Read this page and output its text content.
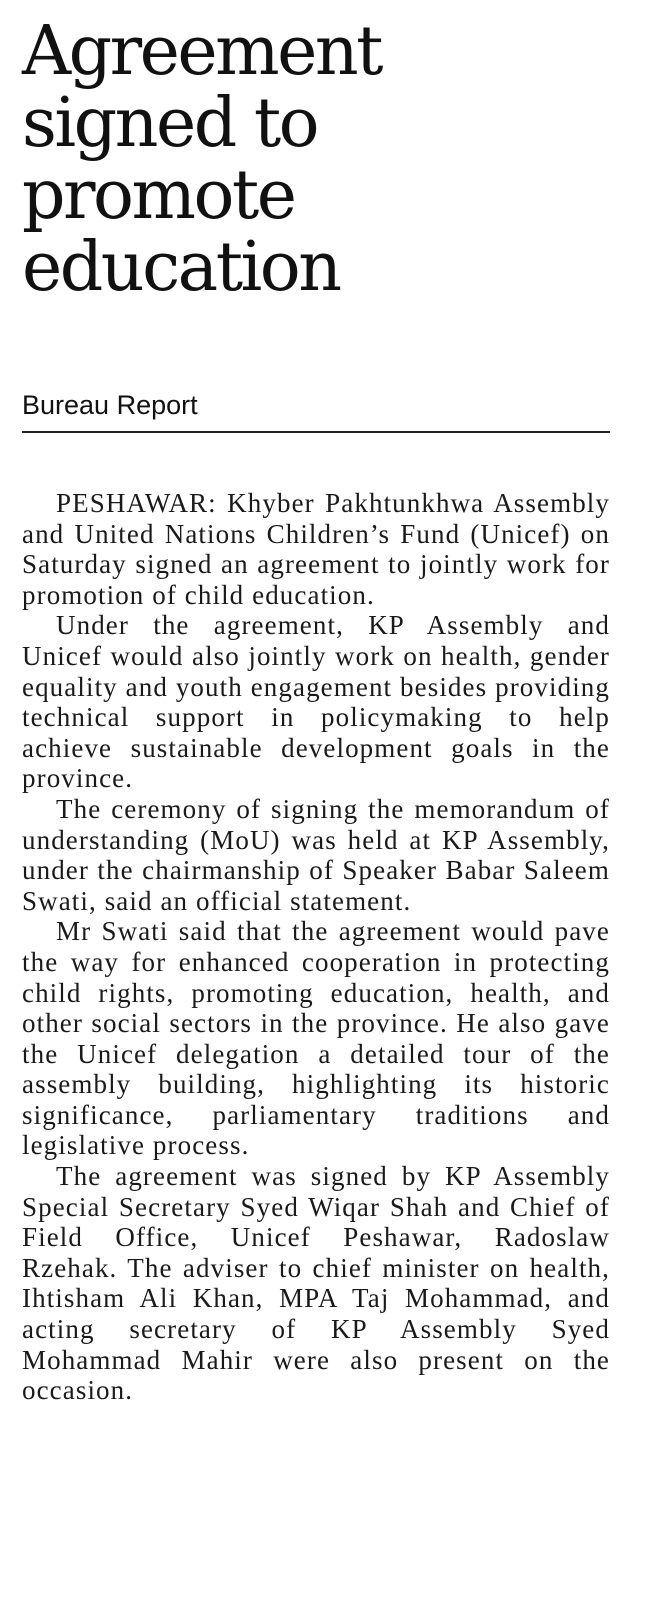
Agreement
signed to
promote
education
Bureau Report

PESHAWAR: Khyber Pakhtunkhwa Assembly and United Nations Children’s Fund (Unicef) on Saturday signed an agreement to jointly work for promotion of child education.

Under the agreement, KP Assembly and Unicef would also jointly work on health, gender equality and youth engagement besides providing technical support in policymaking to help achieve sustainable development goals in the province.

The ceremony of signing the memorandum of understanding (MoU) was held at KP Assembly, under the chairmanship of Speaker Babar Saleem Swati, said an official statement.

Mr Swati said that the agreement would pave the way for enhanced cooperation in protecting child rights, promoting education, health, and other social sectors in the province. He also gave the Unicef delegation a detailed tour of the assembly building, highlighting its historic significance, parliamentary traditions and legislative process.

The agreement was signed by KP Assembly Special Secretary Syed Wiqar Shah and Chief of Field Office, Unicef Peshawar, Radoslaw Rzehak. The adviser to chief minister on health, Ihtisham Ali Khan, MPA Taj Mohammad, and acting secretary of KP Assembly Syed Mohammad Mahir were also present on the occasion.
